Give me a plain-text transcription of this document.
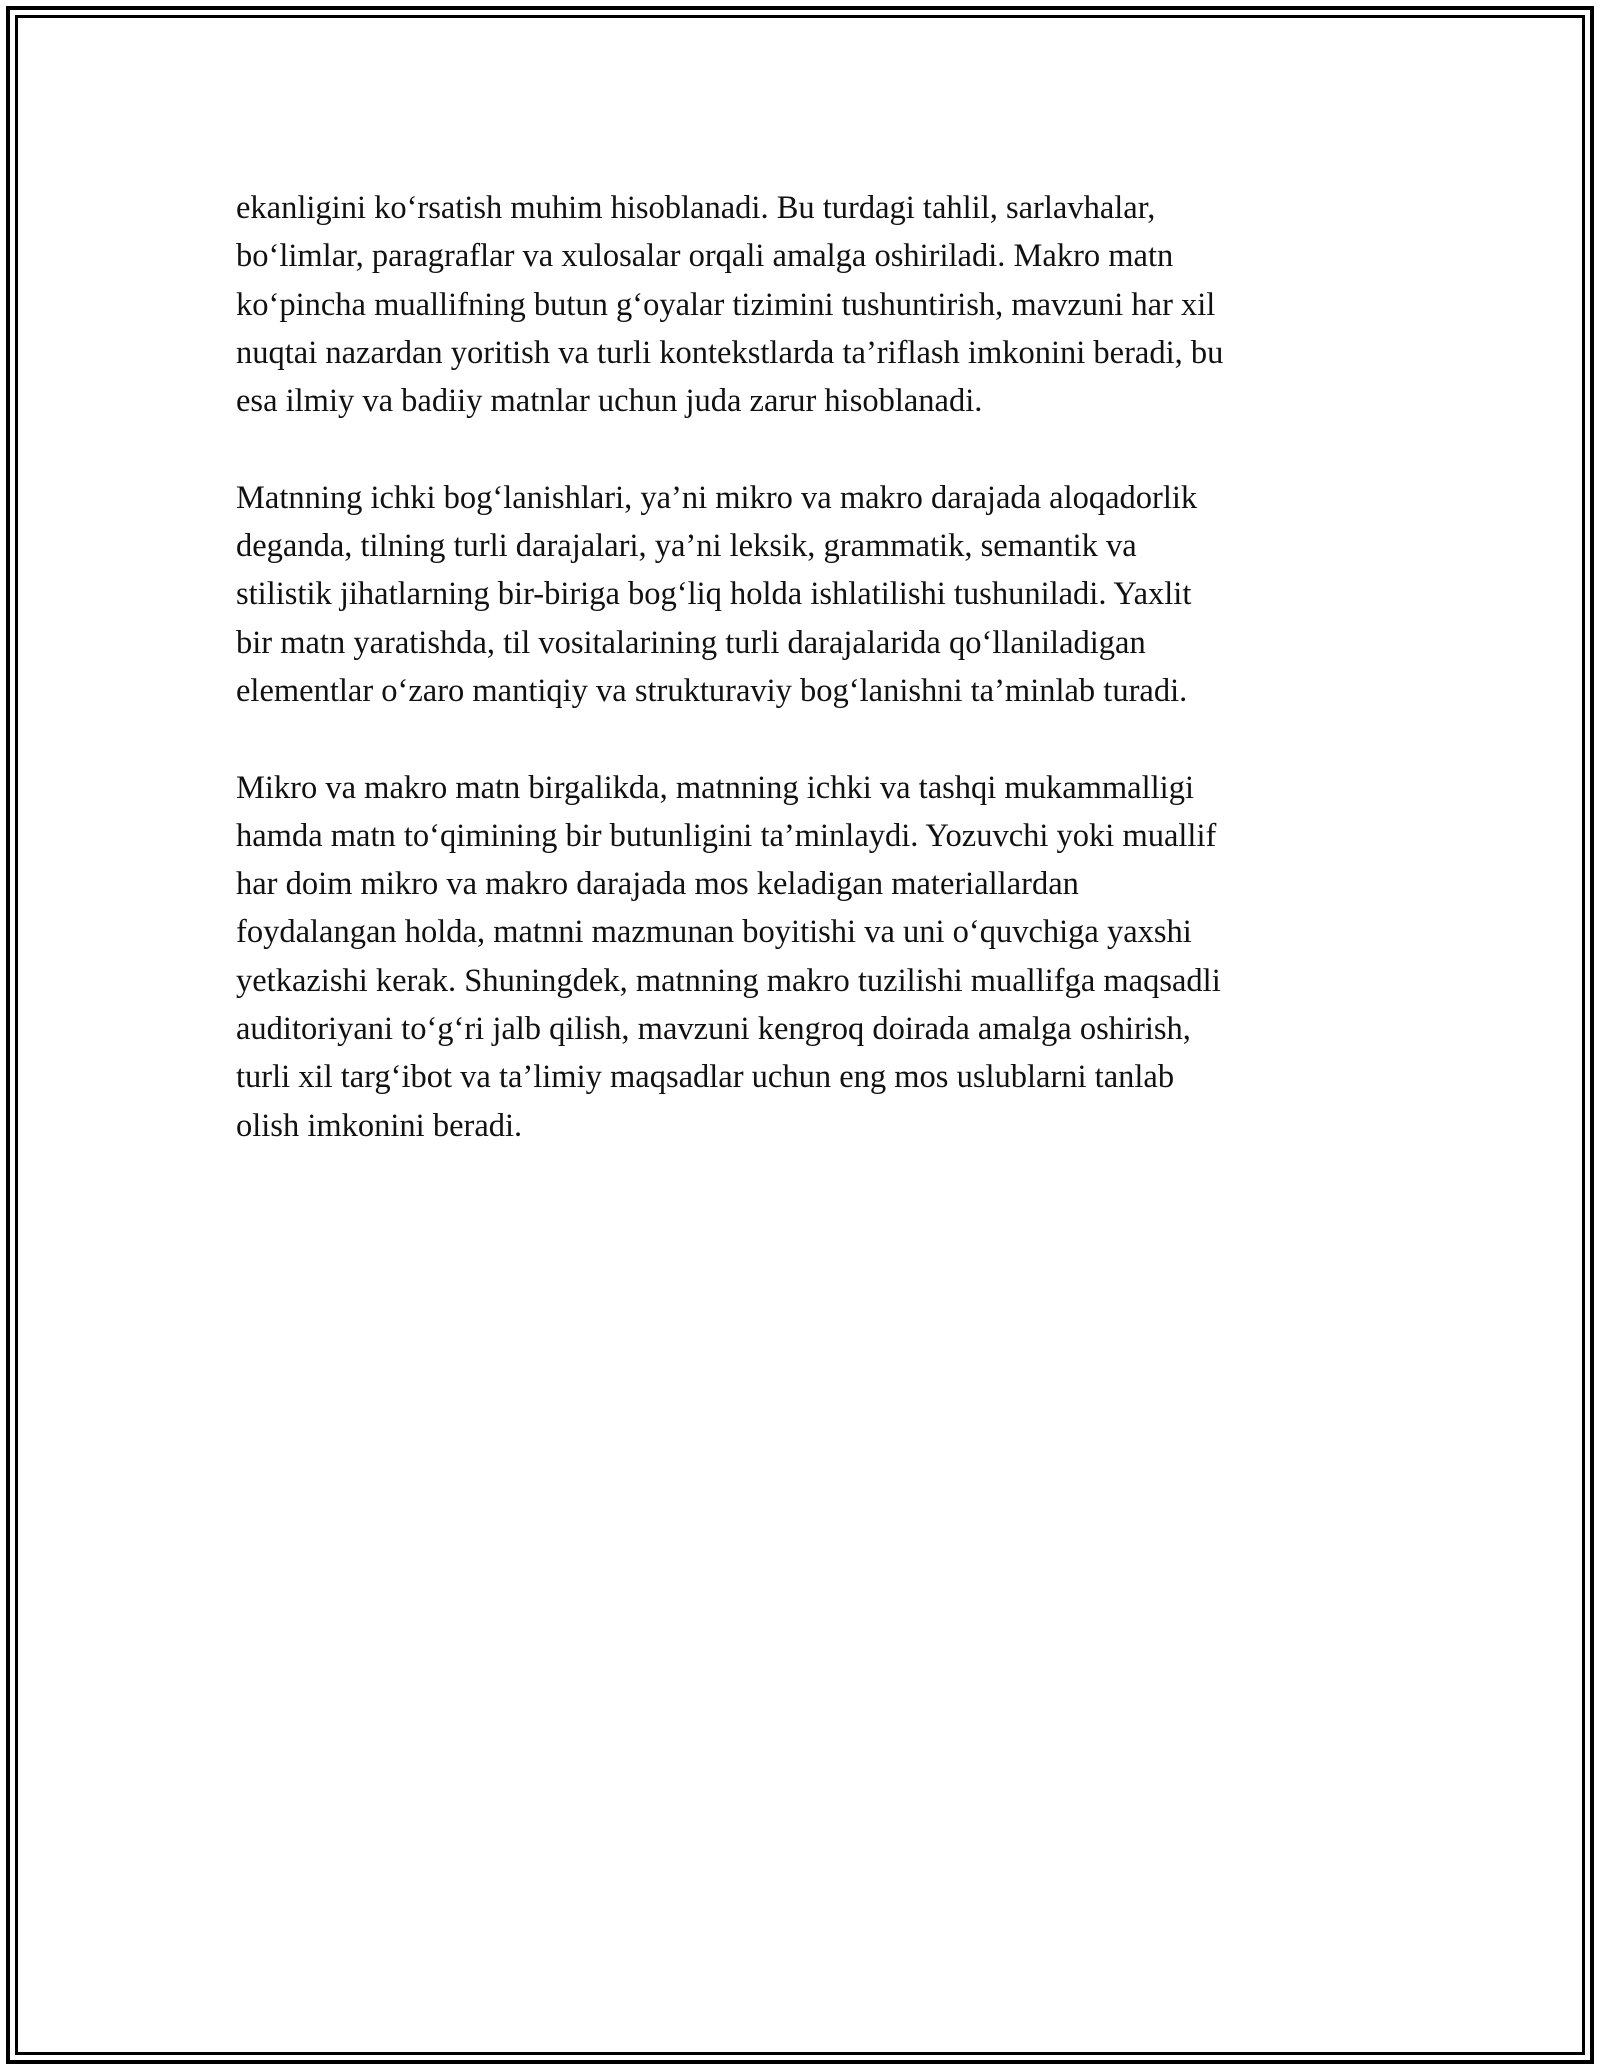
ekanligini ko‘rsatish muhim hisoblanadi. Bu turdagi tahlil, sarlavhalar,
bo‘limlar, paragraflar va xulosalar orqali amalga oshiriladi. Makro matn
ko‘pincha muallifning butun g‘oyalar tizimini tushuntirish, mavzuni har xil
nuqtai nazardan yoritish va turli kontekstlarda ta’riflash imkonini beradi, bu
esa ilmiy va badiiy matnlar uchun juda zarur hisoblanadi.

Matnning ichki bog‘lanishlari, ya’ni mikro va makro darajada aloqadorlik
deganda, tilning turli darajalari, ya’ni leksik, grammatik, semantik va
stilistik jihatlarning bir-biriga bog‘liq holda ishlatilishi tushuniladi. Yaxlit
bir matn yaratishda, til vositalarining turli darajalarida qo‘llaniladigan
elementlar o‘zaro mantiqiy va strukturaviy bog‘lanishni ta’minlab turadi.

Mikro va makro matn birgalikda, matnning ichki va tashqi mukammalligi
hamda matn to‘qimining bir butunligini ta’minlaydi. Yozuvchi yoki muallif
har doim mikro va makro darajada mos keladigan materiallardan
foydalangan holda, matnni mazmunan boyitishi va uni o‘quvchiga yaxshi
yetkazishi kerak. Shuningdek, matnning makro tuzilishi muallifga maqsadli
auditoriyani to‘g‘ri jalb qilish, mavzuni kengroq doirada amalga oshirish,
turli xil targ‘ibot va ta’limiy maqsadlar uchun eng mos uslublarni tanlab
olish imkonini beradi.
